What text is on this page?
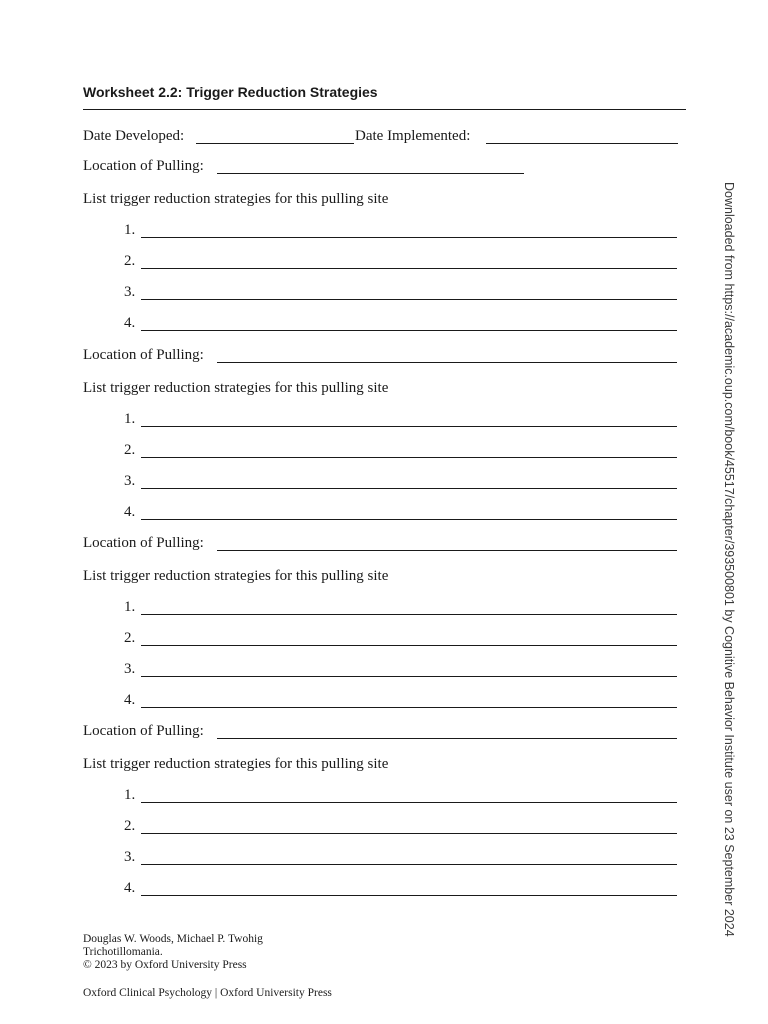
Worksheet 2.2: Trigger Reduction Strategies
Date Developed:	Date Implemented:
Location of Pulling:
List trigger reduction strategies for this pulling site
1.
2.
3.
4.
Location of Pulling:
List trigger reduction strategies for this pulling site
1.
2.
3.
4.
Location of Pulling:
List trigger reduction strategies for this pulling site
1.
2.
3.
4.
Location of Pulling:
List trigger reduction strategies for this pulling site
1.
2.
3.
4.
Douglas W. Woods, Michael P. Twohig
Trichotillomania.
© 2023 by Oxford University Press
Oxford Clinical Psychology | Oxford University Press
Downloaded from https://academic.oup.com/book/45517/chapter/393500801 by Cognitive Behavior Institute user on 23 September 2024
